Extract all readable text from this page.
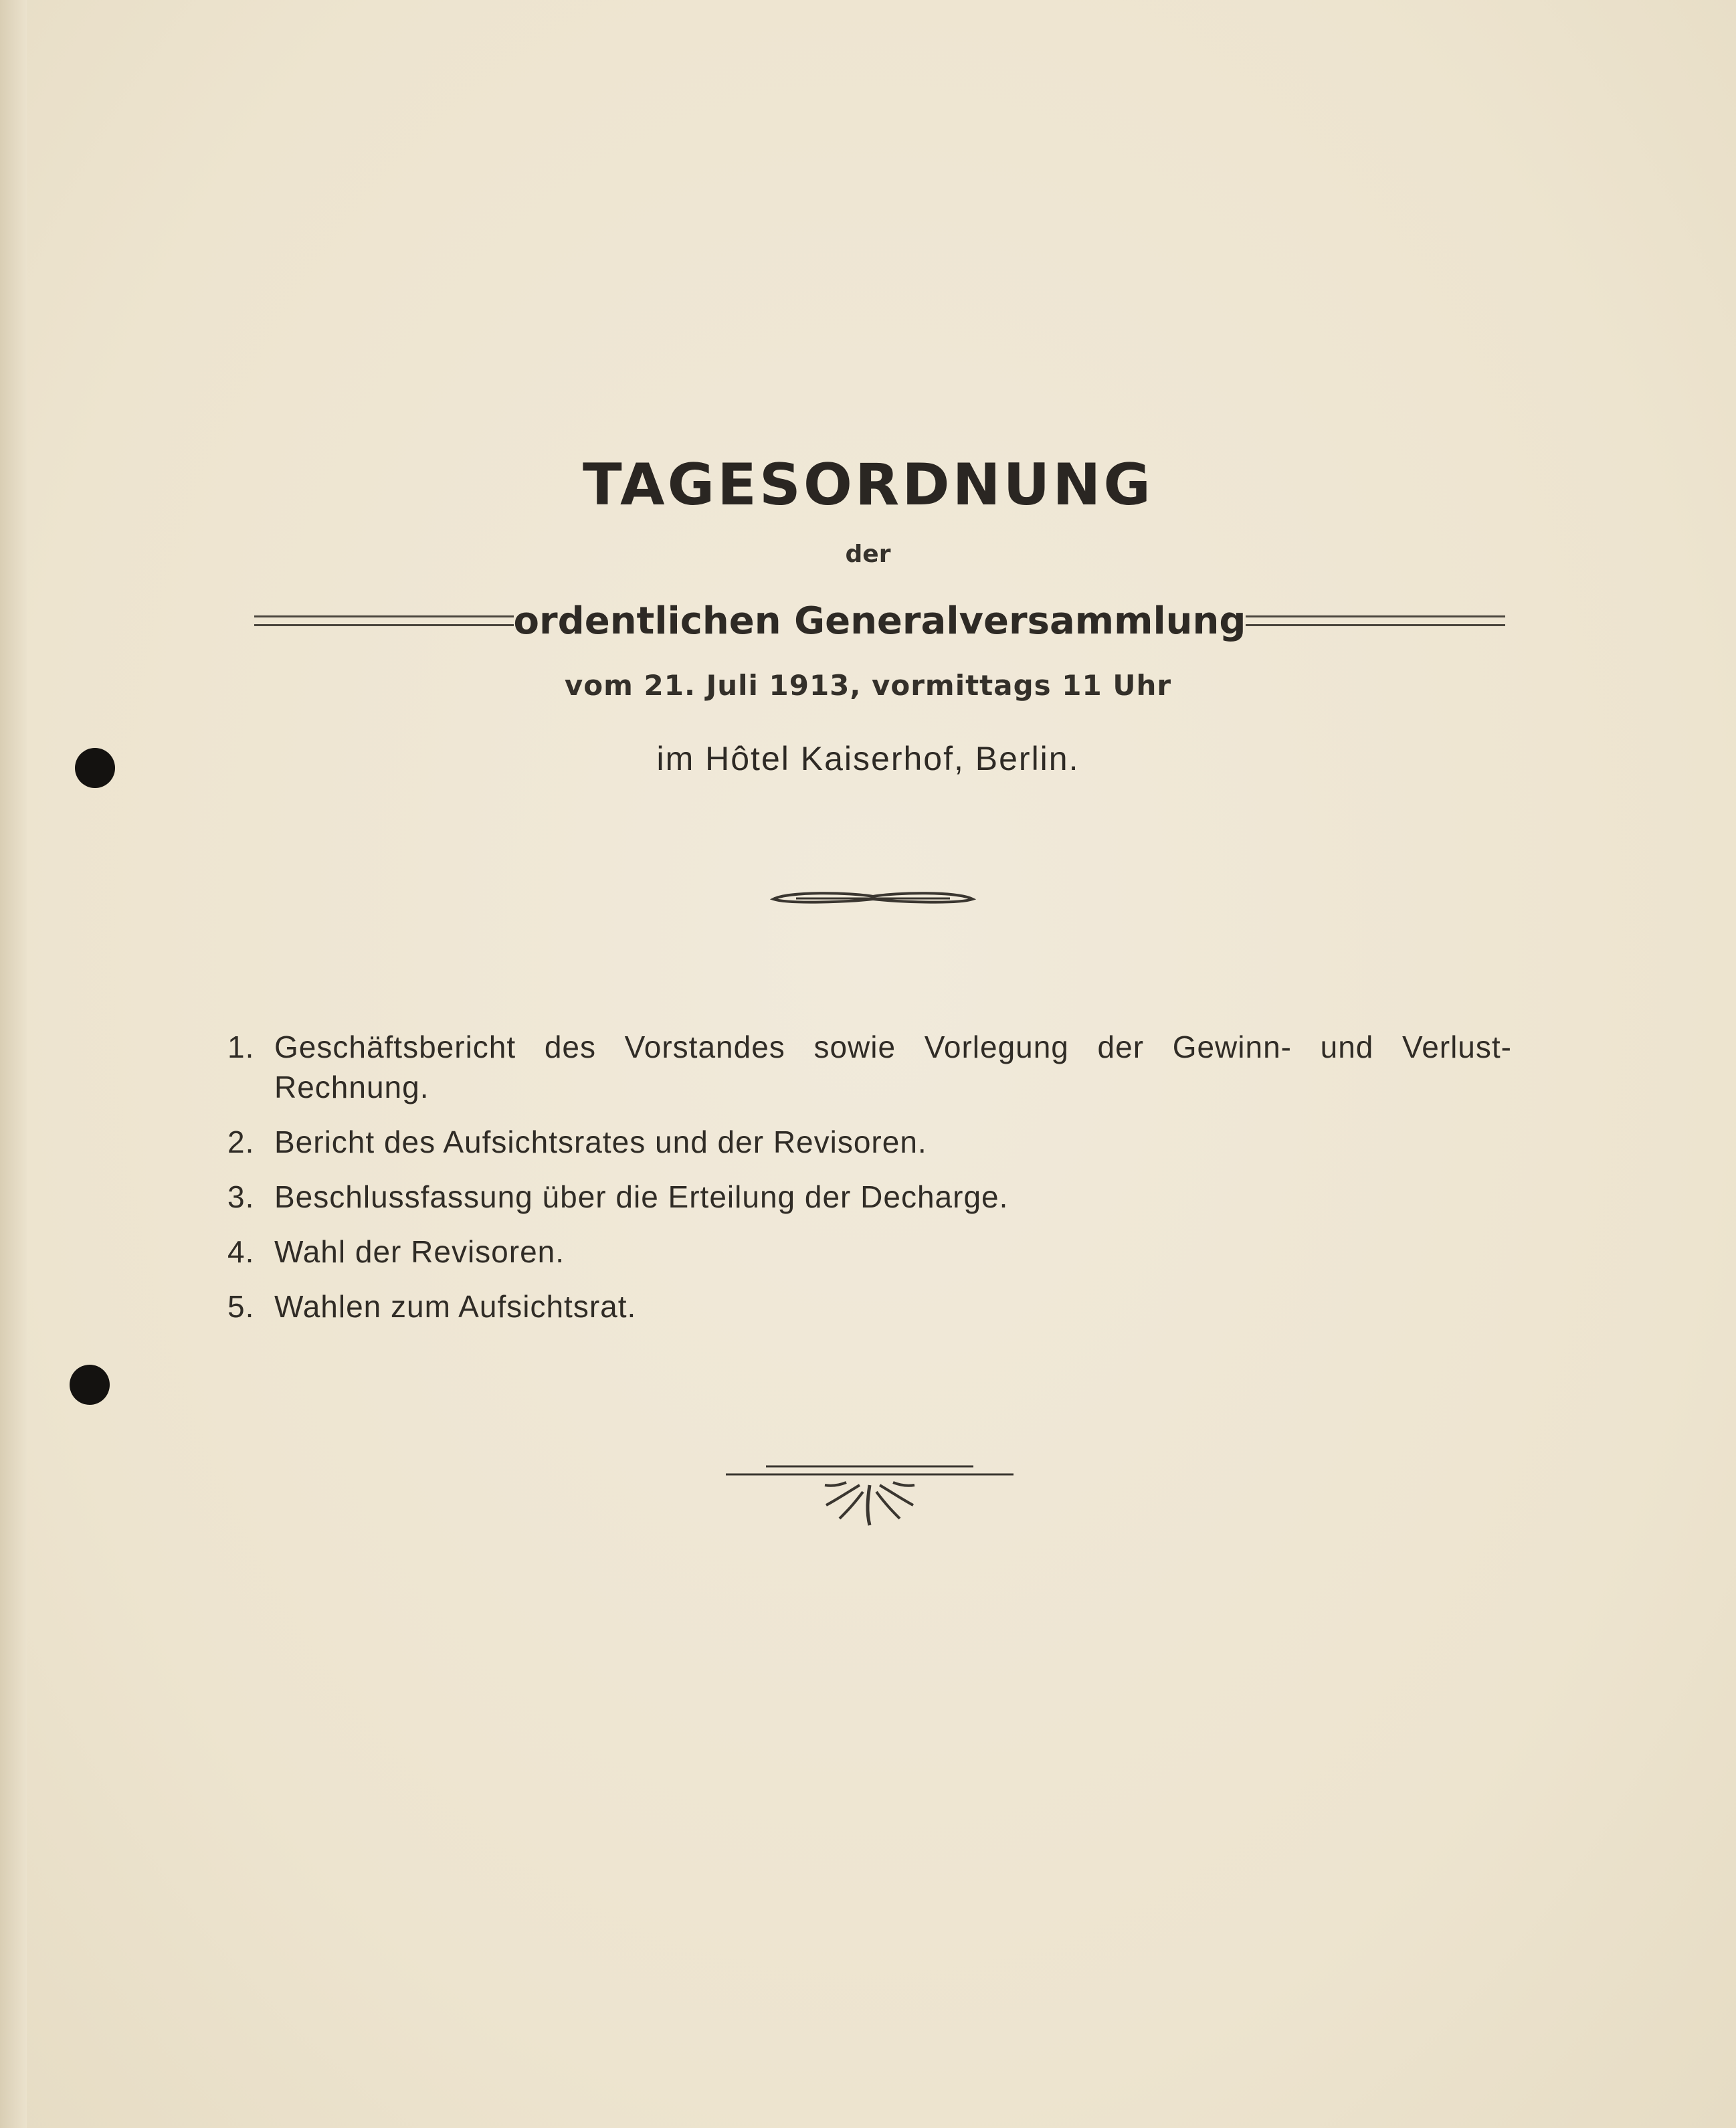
TAGESORDNUNG
der
ordentlichen Generalversammlung
vom 21. Juli 1913, vormittags 11 Uhr
im Hôtel Kaiserhof, Berlin.
1. Geschäftsbericht des Vorstandes sowie Vorlegung der Gewinn- und Verlust-Rechnung.
2. Bericht des Aufsichtsrates und der Revisoren.
3. Beschlussfassung über die Erteilung der Decharge.
4. Wahl der Revisoren.
5. Wahlen zum Aufsichtsrat.
